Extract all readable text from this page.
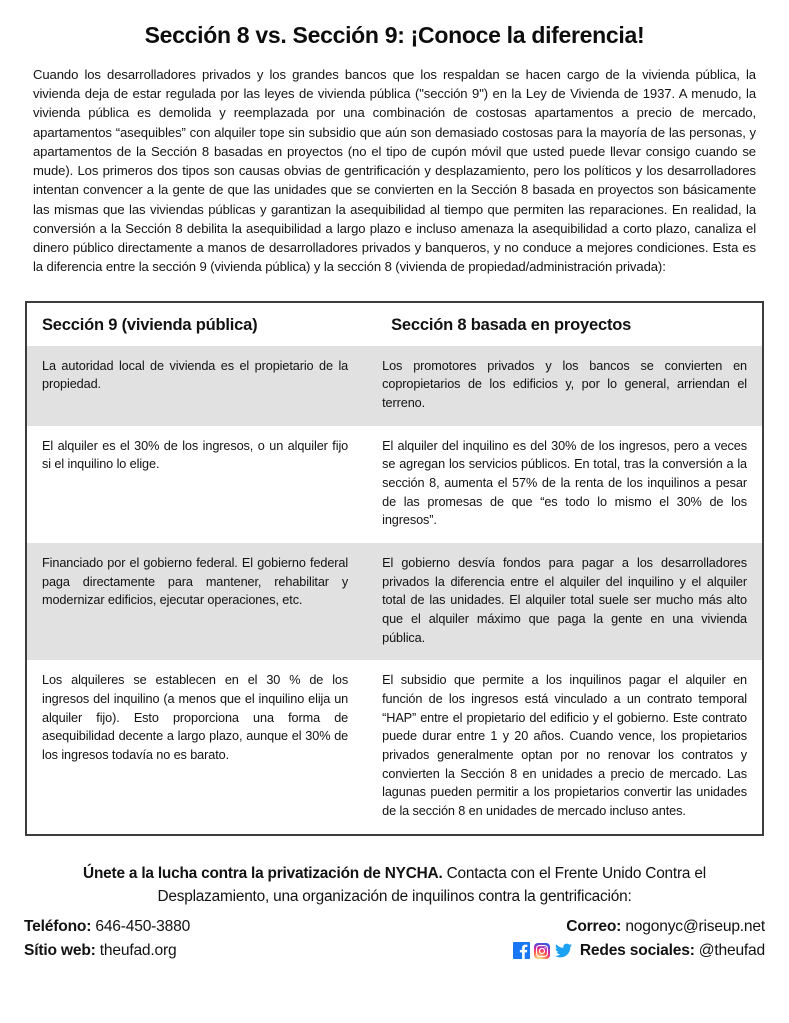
Sección 8 vs. Sección 9: ¡Conoce la diferencia!

Cuando los desarrolladores privados y los grandes bancos que los respaldan se hacen cargo de la vivienda pública, la vivienda deja de estar regulada por las leyes de vivienda pública ("sección 9") en la Ley de Vivienda de 1937. A menudo, la vivienda pública es demolida y reemplazada por una combinación de costosas apartamentos a precio de mercado, apartamentos “asequibles” con alquiler tope sin subsidio que aún son demasiado costosas para la mayoría de las personas, y apartamentos de la Sección 8 basadas en proyectos (no el tipo de cupón móvil que usted puede llevar consigo cuando se mude). Los primeros dos tipos son causas obvias de gentrificación y desplazamiento, pero los políticos y los desarrolladores intentan convencer a la gente de que las unidades que se convierten en la Sección 8 basada en proyectos son básicamente las mismas que las viviendas públicas y garantizan la asequibilidad al tiempo que permiten las reparaciones. En realidad, la conversión a la Sección 8 debilita la asequibilidad a largo plazo e incluso amenaza la asequibilidad a corto plazo, canaliza el dinero público directamente a manos de desarrolladores privados y banqueros, y no conduce a mejores condiciones. Esta es la diferencia entre la sección 9 (vivienda pública) y la sección 8 (vivienda de propiedad/administración privada):

Sección 9 (vivienda pública)	Sección 8 basada en proyectos
La autoridad local de vivienda es el propietario de la propiedad.
Los promotores privados y los bancos se convierten en copropietarios de los edificios y, por lo general, arriendan el terreno.
El alquiler es el 30% de los ingresos, o un alquiler fijo si el inquilino lo elige.
El alquiler del inquilino es del 30% de los ingresos, pero a veces se agregan los servicios públicos. En total, tras la conversión a la sección 8, aumenta el 57% de la renta de los inquilinos a pesar de las promesas de que “es todo lo mismo el 30% de los ingresos”.
Financiado por el gobierno federal. El gobierno federal paga directamente para mantener, rehabilitar y modernizar edificios, ejecutar operaciones, etc.
El gobierno desvía fondos para pagar a los desarrolladores privados la diferencia entre el alquiler del inquilino y el alquiler total de las unidades. El alquiler total suele ser mucho más alto que el alquiler máximo que paga la gente en una vivienda pública.
Los alquileres se establecen en el 30 % de los ingresos del inquilino (a menos que el inquilino elija un alquiler fijo). Esto proporciona una forma de asequibilidad decente a largo plazo, aunque el 30% de los ingresos todavía no es barato.
El subsidio que permite a los inquilinos pagar el alquiler en función de los ingresos está vinculado a un contrato temporal “HAP” entre el propietario del edificio y el gobierno. Este contrato puede durar entre 1 y 20 años. Cuando vence, los propietarios privados generalmente optan por no renovar los contratos y convierten la Sección 8 en unidades a precio de mercado. Las lagunas pueden permitir a los propietarios convertir las unidades de la sección 8 en unidades de mercado incluso antes.

Únete a la lucha contra la privatización de NYCHA. Contacta con el Frente Unido Contra el Desplazamiento, una organización de inquilinos contra la gentrificación:

Teléfono: 646-450-3880
Sítio web: theufad.org
Correo: nogonyc@riseup.net
Redes sociales: @theufad
